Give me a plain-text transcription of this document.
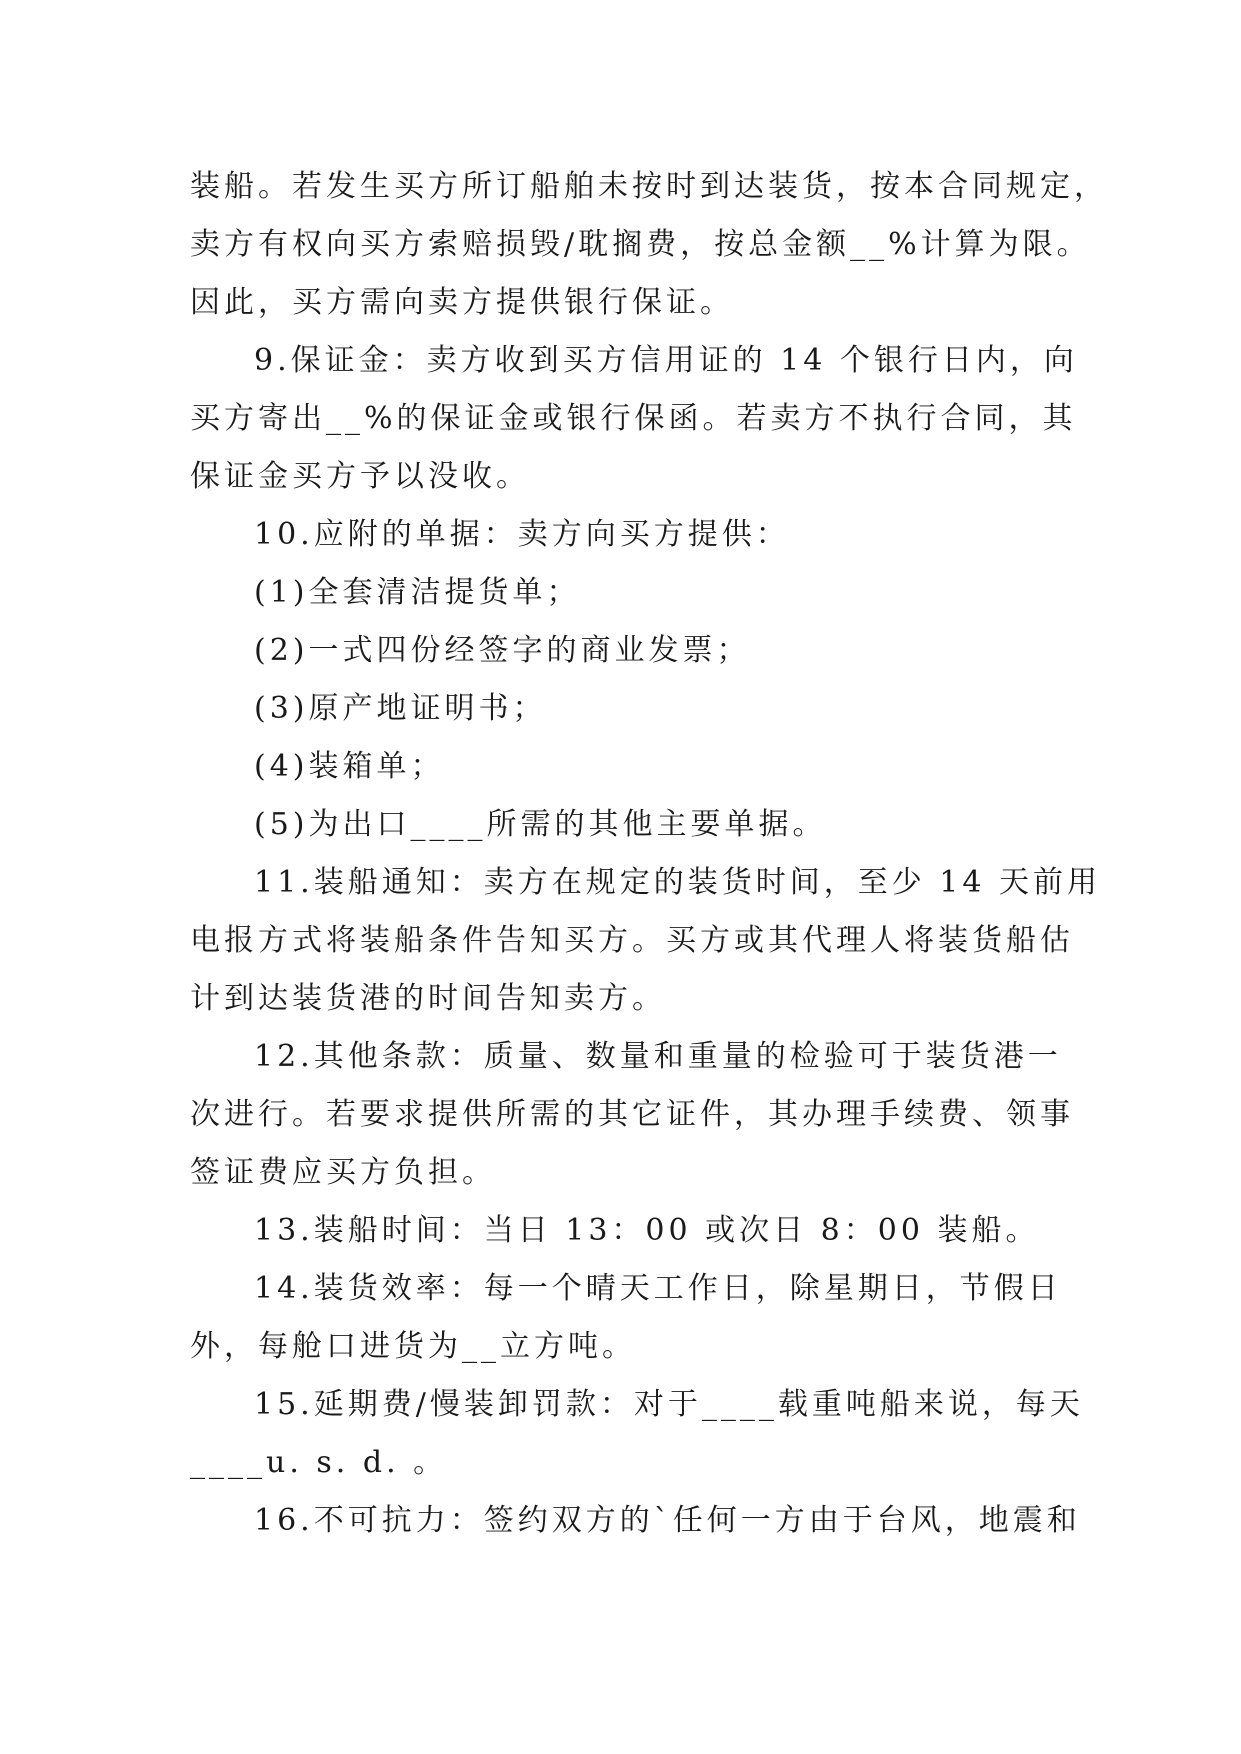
装船。若发生买方所订船舶未按时到达装货，按本合同规定，
卖方有权向买方索赔损毁/耽搁费，按总金额__%计算为限。
因此，买方需向卖方提供银行保证。
9.保证金：卖方收到买方信用证的 14 个银行日内，向
买方寄出__%的保证金或银行保函。若卖方不执行合同，其
保证金买方予以没收。
10.应附的单据：卖方向买方提供：
(1)全套清洁提货单；
(2)一式四份经签字的商业发票；
(3)原产地证明书；
(4)装箱单；
(5)为出口____所需的其他主要单据。
11.装船通知：卖方在规定的装货时间，至少 14 天前用
电报方式将装船条件告知买方。买方或其代理人将装货船估
计到达装货港的时间告知卖方。
12.其他条款：质量、数量和重量的检验可于装货港一
次进行。若要求提供所需的其它证件，其办理手续费、领事
签证费应买方负担。
13.装船时间：当日 13：00 或次日 8：00 装船。
14.装货效率：每一个晴天工作日，除星期日，节假日
外，每舱口进货为__立方吨。
15.延期费/慢装卸罚款：对于____载重吨船来说，每天
____u. s. d. 。
16.不可抗力：签约双方的`任何一方由于台风，地震和
